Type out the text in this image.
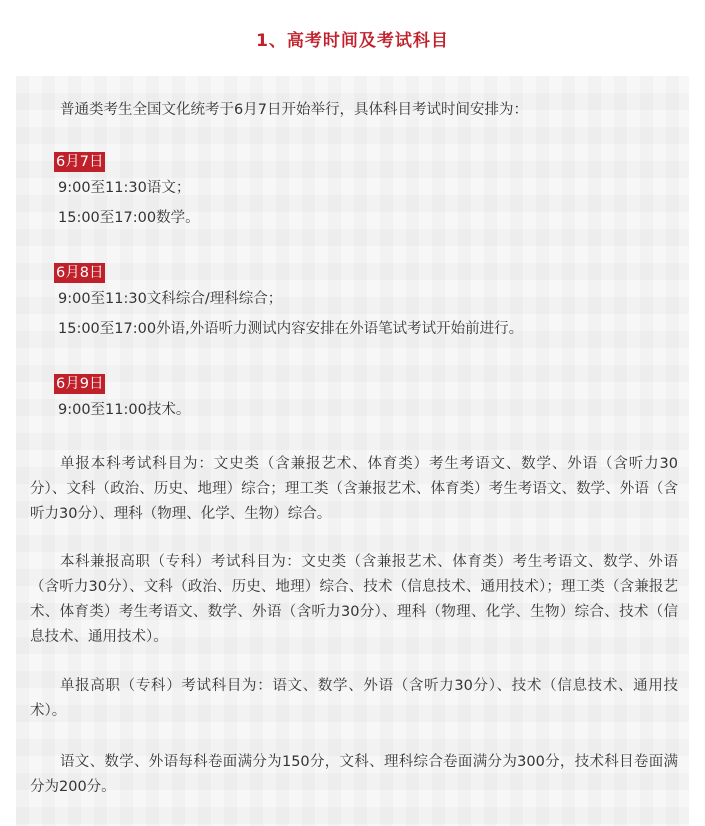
1、高考时间及考试科目
普通类考生全国文化统考于6月7日开始举行，具体科目考试时间安排为：
6月7日
9:00至11:30语文；
15:00至17:00数学。
6月8日
9:00至11:30文科综合/理科综合；
15:00至17:00外语,外语听力测试内容安排在外语笔试考试开始前进行。
6月9日
9:00至11:00技术。
单报本科考试科目为：文史类（含兼报艺术、体育类）考生考语文、数学、外语（含听力30分）、文科（政治、历史、地理）综合；理工类（含兼报艺术、体育类）考生考语文、数学、外语（含听力30分）、理科（物理、化学、生物）综合。
本科兼报高职（专科）考试科目为：文史类（含兼报艺术、体育类）考生考语文、数学、外语（含听力30分）、文科（政治、历史、地理）综合、技术（信息技术、通用技术）；理工类（含兼报艺术、体育类）考生考语文、数学、外语（含听力30分）、理科（物理、化学、生物）综合、技术（信息技术、通用技术）。
单报高职（专科）考试科目为：语文、数学、外语（含听力30分）、技术（信息技术、通用技术）。
语文、数学、外语每科卷面满分为150分，文科、理科综合卷面满分为300分，技术科目卷面满分为200分。
